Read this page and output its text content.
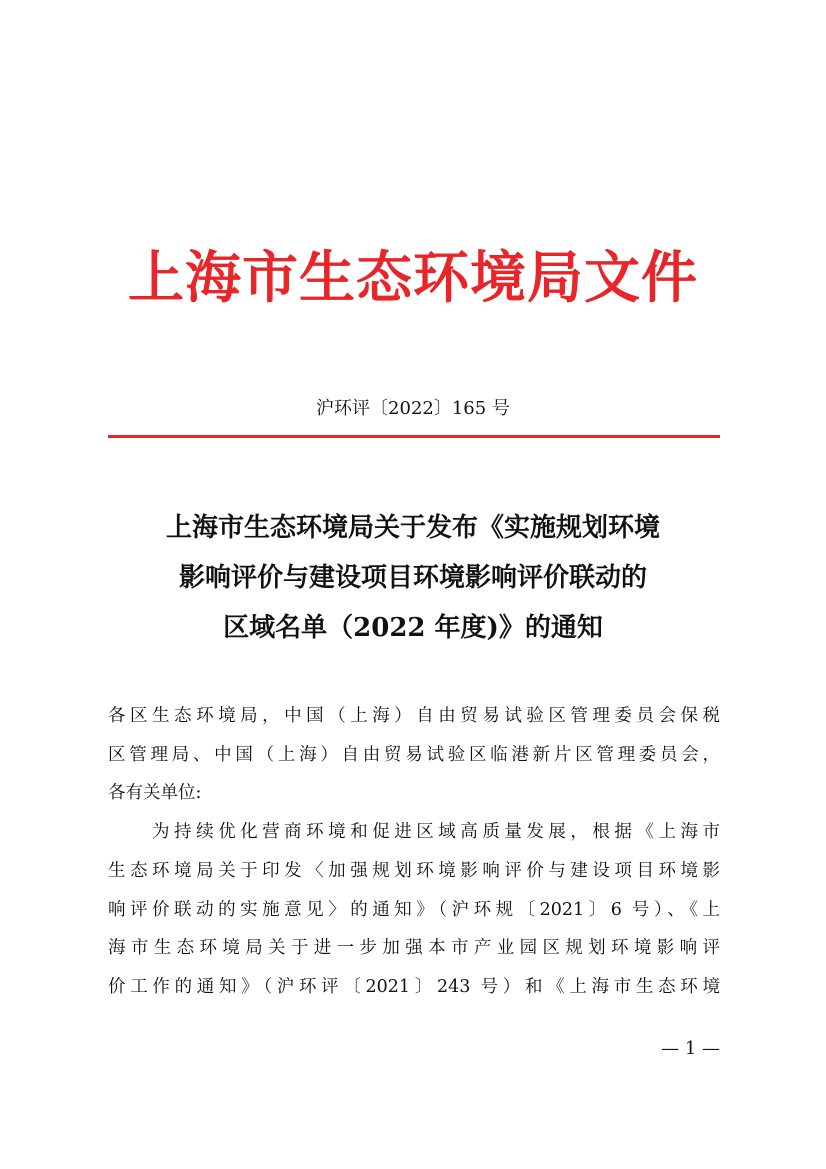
上海市生态环境局文件
沪环评〔2022〕165 号
上海市生态环境局关于发布《实施规划环境
影响评价与建设项目环境影响评价联动的
区域名单（2022 年度)》的通知
各区生态环境局，中国（上海）自由贸易试验区管理委员会保税
区管理局、中国（上海）自由贸易试验区临港新片区管理委员会，
各有关单位:
　　为持续优化营商环境和促进区域高质量发展，根据《上海市
生态环境局关于印发〈加强规划环境影响评价与建设项目环境影
响评价联动的实施意见〉的通知》（沪环规〔2021〕6 号）、《上
海市生态环境局关于进一步加强本市产业园区规划环境影响评
价工作的通知》（沪环评〔2021〕243 号）和《上海市生态环境
— 1 —
